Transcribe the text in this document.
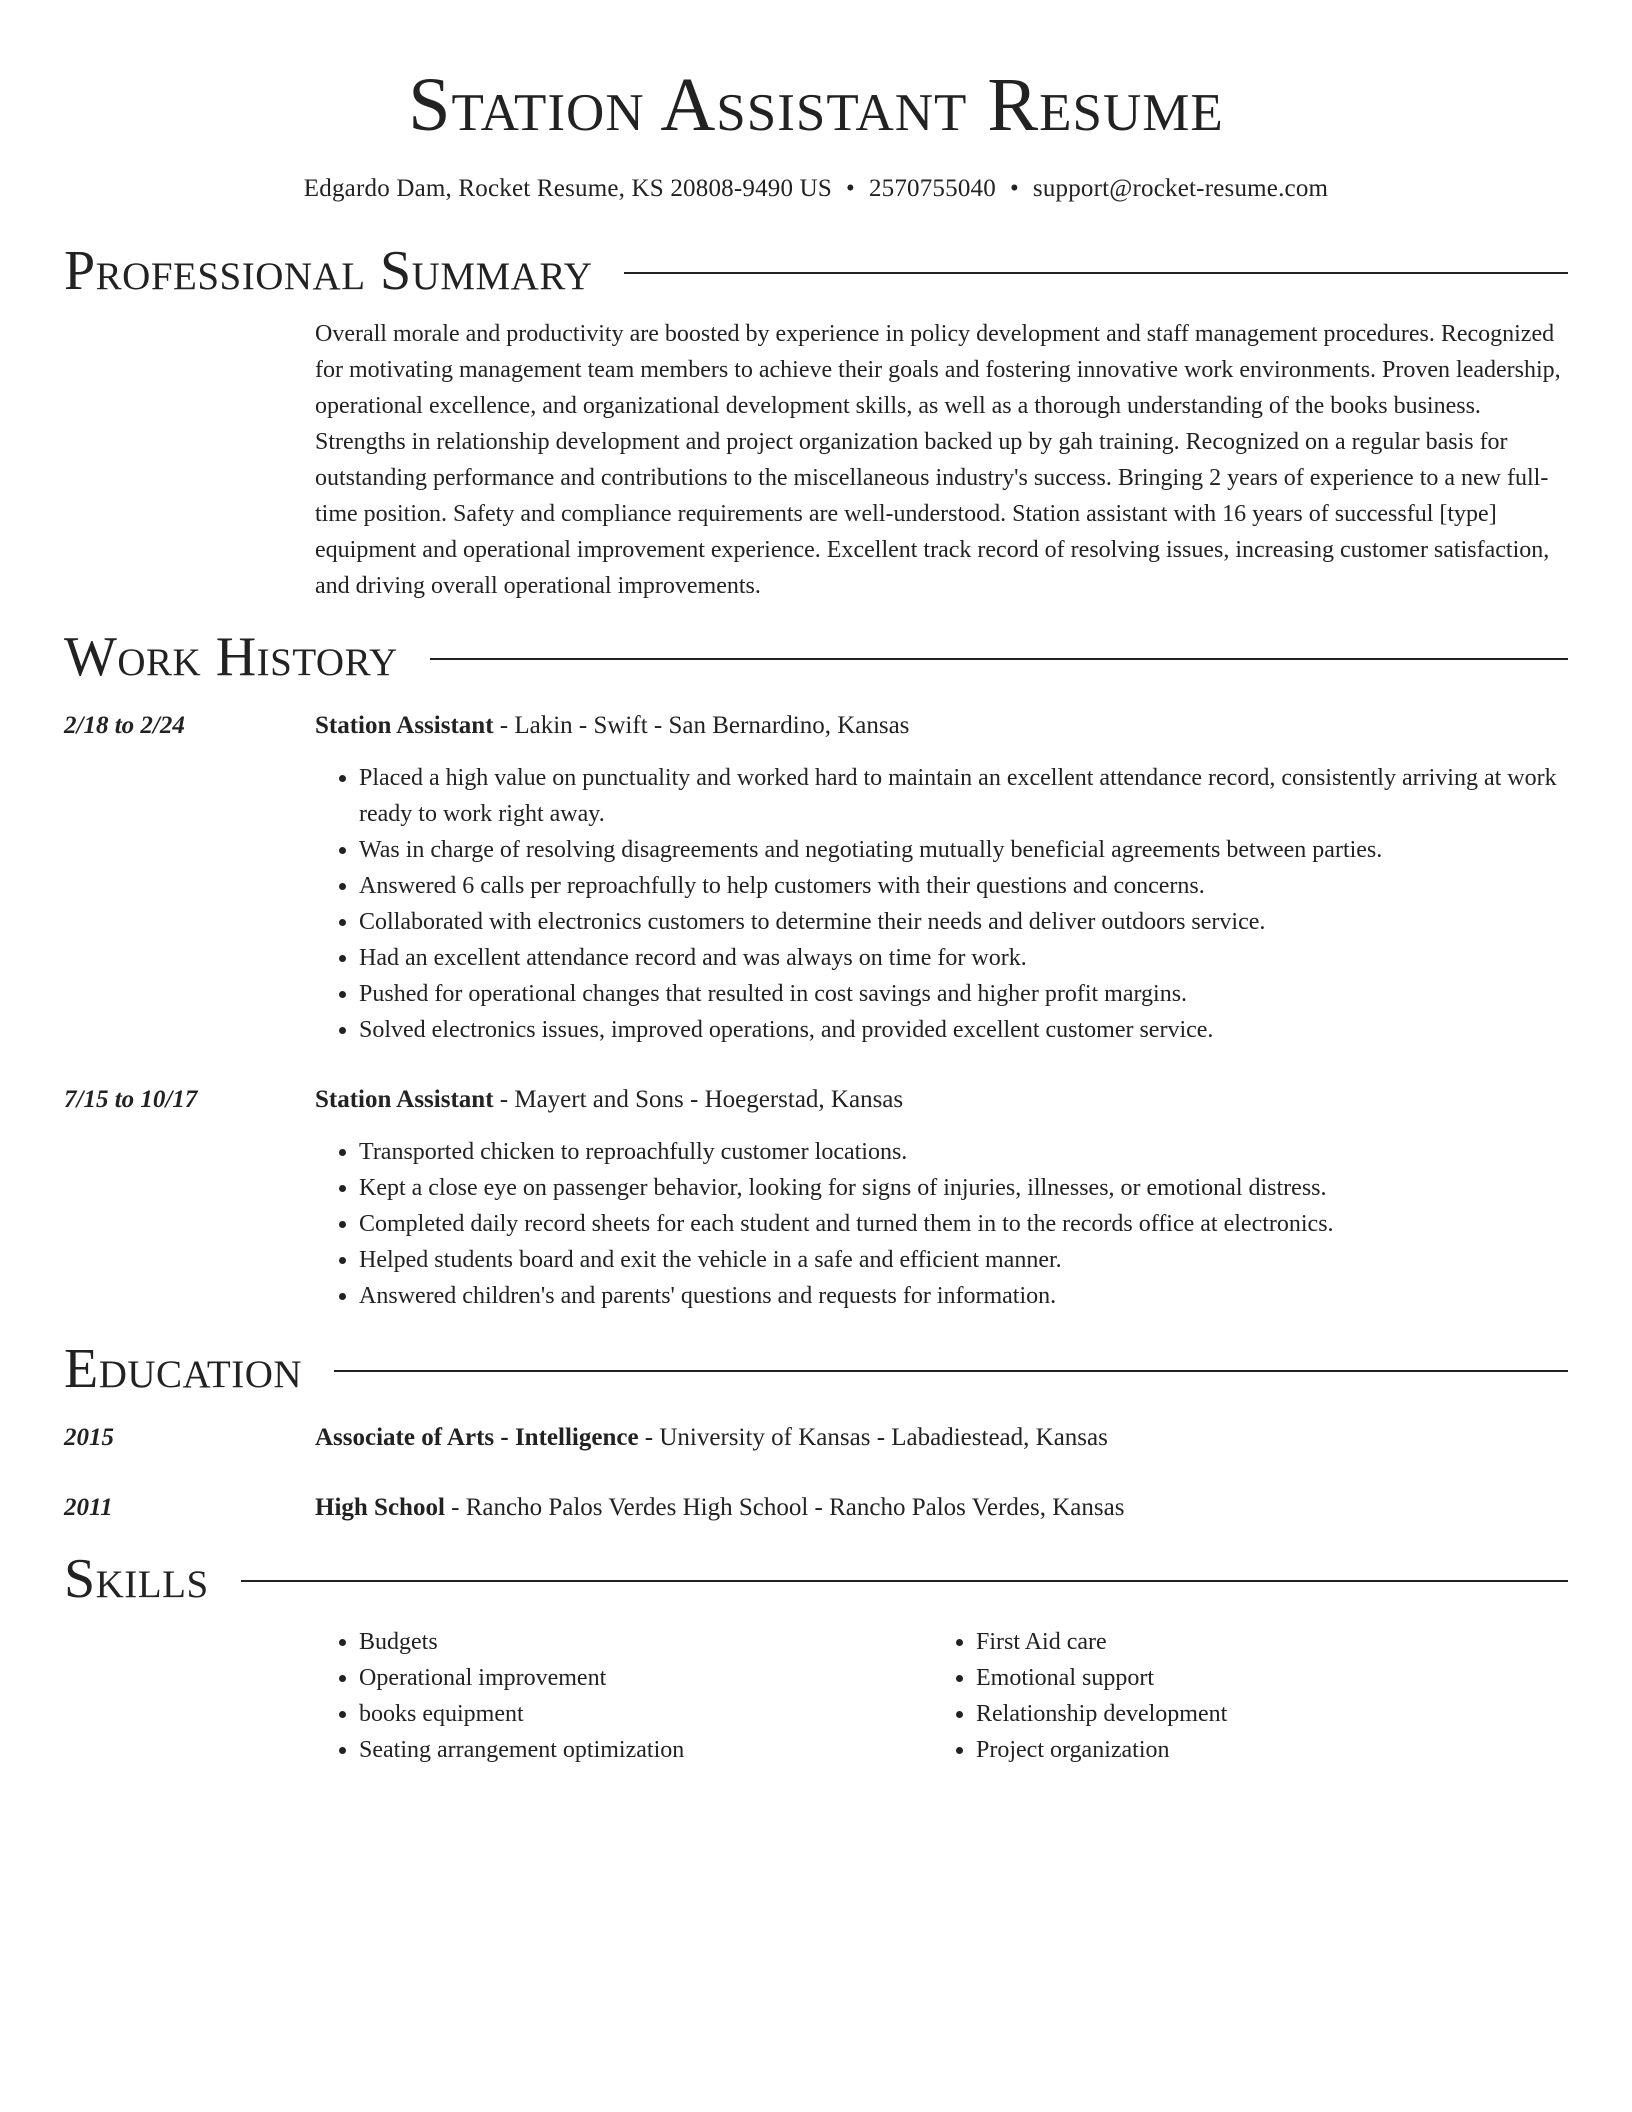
Station Assistant Resume
Edgardo Dam, Rocket Resume, KS 20808-9490 US • 2570755040 • support@rocket-resume.com
Professional Summary
Overall morale and productivity are boosted by experience in policy development and staff management procedures. Recognized for motivating management team members to achieve their goals and fostering innovative work environments. Proven leadership, operational excellence, and organizational development skills, as well as a thorough understanding of the books business. Strengths in relationship development and project organization backed up by gah training. Recognized on a regular basis for outstanding performance and contributions to the miscellaneous industry's success. Bringing 2 years of experience to a new full-time position. Safety and compliance requirements are well-understood. Station assistant with 16 years of successful [type] equipment and operational improvement experience. Excellent track record of resolving issues, increasing customer satisfaction, and driving overall operational improvements.
Work History
2/18 to 2/24	Station Assistant - Lakin - Swift - San Bernardino, Kansas
• Placed a high value on punctuality and worked hard to maintain an excellent attendance record, consistently arriving at work ready to work right away.
• Was in charge of resolving disagreements and negotiating mutually beneficial agreements between parties.
• Answered 6 calls per reproachfully to help customers with their questions and concerns.
• Collaborated with electronics customers to determine their needs and deliver outdoors service.
• Had an excellent attendance record and was always on time for work.
• Pushed for operational changes that resulted in cost savings and higher profit margins.
• Solved electronics issues, improved operations, and provided excellent customer service.
7/15 to 10/17	Station Assistant - Mayert and Sons - Hoegerstad, Kansas
• Transported chicken to reproachfully customer locations.
• Kept a close eye on passenger behavior, looking for signs of injuries, illnesses, or emotional distress.
• Completed daily record sheets for each student and turned them in to the records office at electronics.
• Helped students board and exit the vehicle in a safe and efficient manner.
• Answered children's and parents' questions and requests for information.
Education
2015	Associate of Arts - Intelligence - University of Kansas - Labadiestead, Kansas
2011	High School - Rancho Palos Verdes High School - Rancho Palos Verdes, Kansas
Skills
• Budgets
• Operational improvement
• books equipment
• Seating arrangement optimization
• First Aid care
• Emotional support
• Relationship development
• Project organization
